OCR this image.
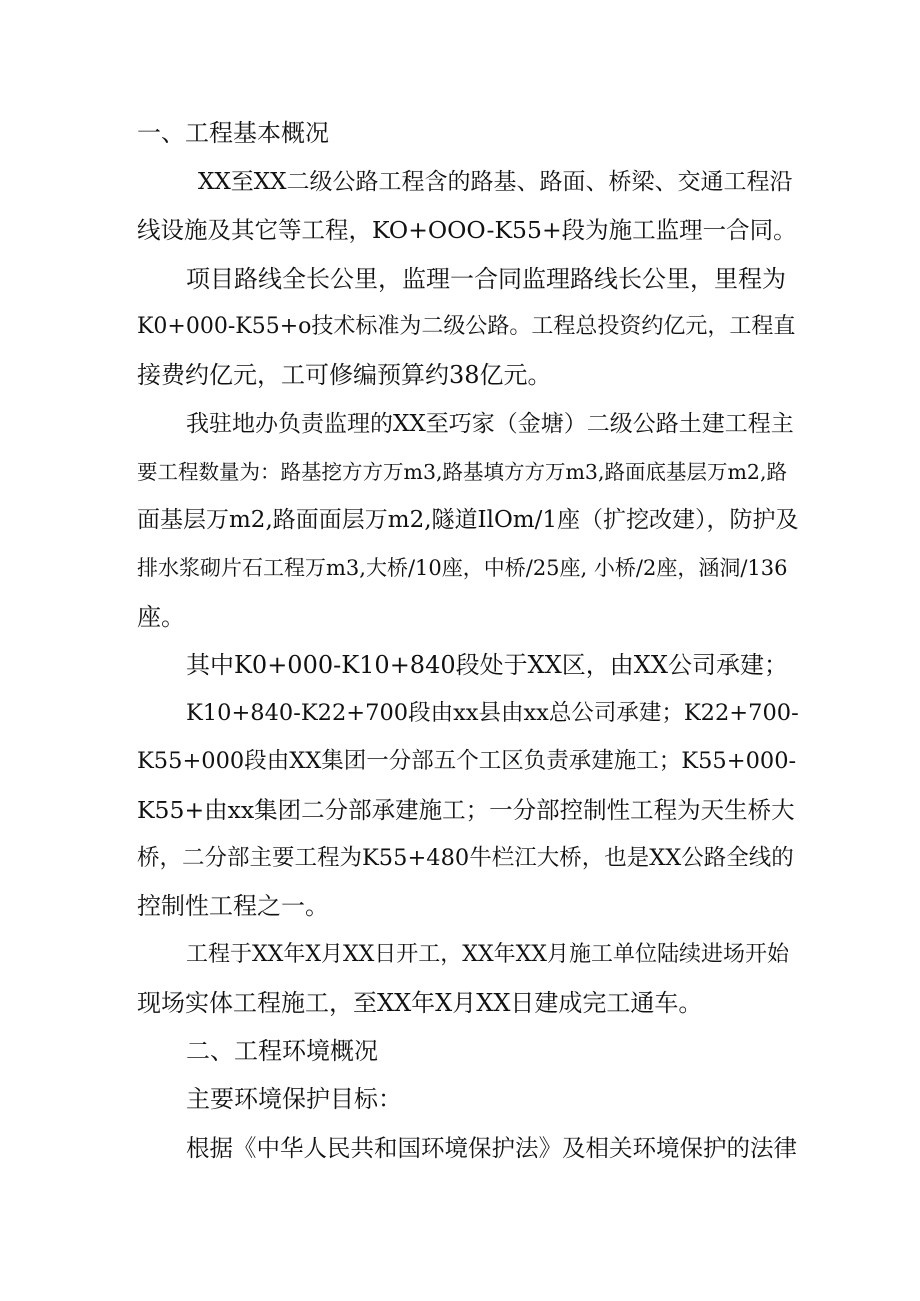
一、工程基本概况
XX至XX二级公路工程含的路基、路面、桥梁、交通工程沿
线设施及其它等工程，KO+OOO-K55+段为施工监理一合同。
项目路线全长公里，监理一合同监理路线长公里，里程为
K0+000-K55+o技术标准为二级公路。工程总投资约亿元，工程直
接费约亿元，工可修编预算约38亿元。
我驻地办负责监理的XX至巧家（金塘）二级公路土建工程主
要工程数量为：路基挖方方万m3,路基填方方万m3,路面底基层万m2,路
面基层万m2,路面面层万m2,隧道IlOm/1座（扩挖改建），防护及
排水浆砌片石工程万m3,大桥/10座，中桥/25座, 小桥/2座，涵洞/136
座。
其中K0+000-K10+840段处于XX区，由XX公司承建；
K10+840-K22+700段由xx县由xx总公司承建；K22+700-
K55+000段由XX集团一分部五个工区负责承建施工；K55+000-
K55+由xx集团二分部承建施工；一分部控制性工程为天生桥大
桥，二分部主要工程为K55+480牛栏江大桥，也是XX公路全线的
控制性工程之一。
工程于XX年X月XX日开工，XX年XX月施工单位陆续进场开始
现场实体工程施工，至XX年X月XX日建成完工通车。
二、工程环境概况
主要环境保护目标：
根据《中华人民共和国环境保护法》及相关环境保护的法律
